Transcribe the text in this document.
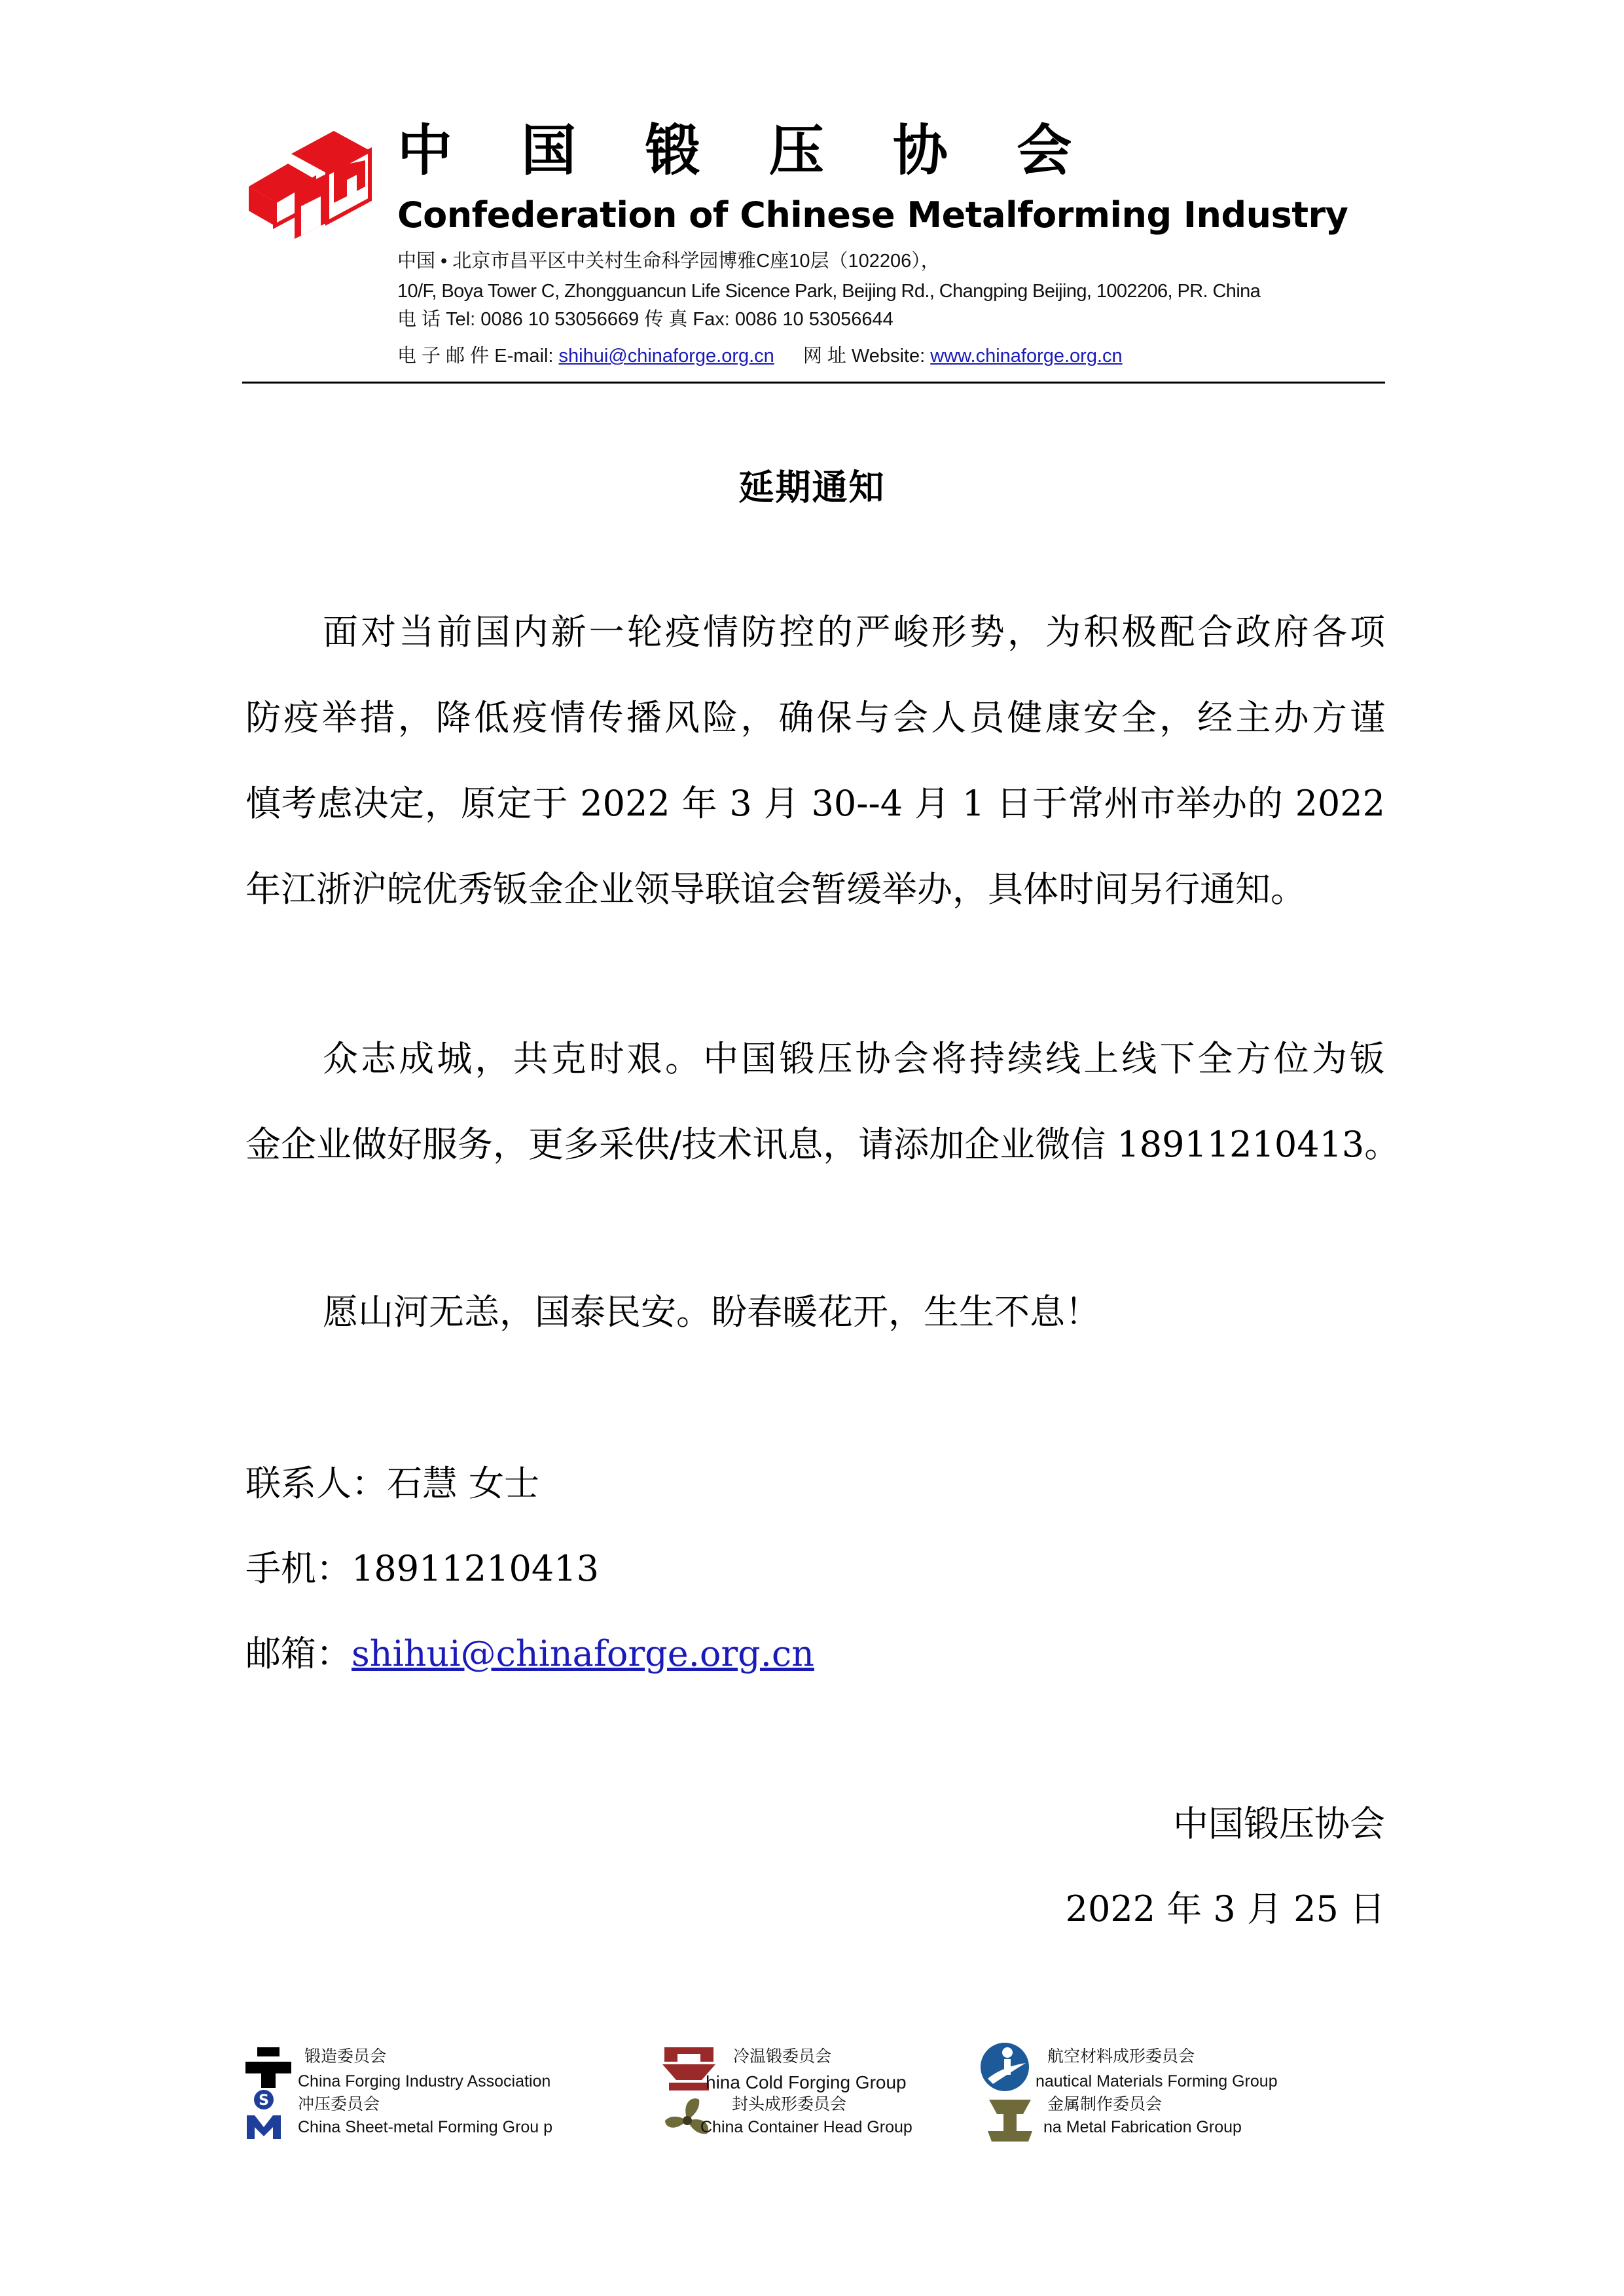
中 国 锻 压 协 会
Confederation of Chinese Metalforming Industry
中国 • 北京市昌平区中关村生命科学园博雅C座10层（102206），
10/F, Boya Tower C, Zhongguancun Life Sicence Park, Beijing Rd., Changping Beijing, 1002206, PR. China
电 话 Tel: 0086 10 53056669 传 真 Fax: 0086 10 53056644
电 子 邮 件 E-mail: shihui@chinaforge.org.cn 网 址 Website: www.chinaforge.org.cn
延期通知
面对当前国内新一轮疫情防控的严峻形势，为积极配合政府各项
防疫举措，降低疫情传播风险，确保与会人员健康安全，经主办方谨
慎考虑决定，原定于 2022 年 3 月 30--4 月 1 日于常州市举办的 2022
年江浙沪皖优秀钣金企业领导联谊会暂缓举办，具体时间另行通知。
众志成城，共克时艰。中国锻压协会将持续线上线下全方位为钣
金企业做好服务，更多采供/技术讯息，请添加企业微信 18911210413。
愿山河无恙，国泰民安。盼春暖花开，生生不息！
联系人：石慧 女士
手机：18911210413
邮箱：shihui@chinaforge.org.cn
中国锻压协会
2022 年 3 月 25 日
S
锻造委员会
China Forging Industry Association
冲压委员会
China Sheet-metal Forming Grou p
冷温锻委员会
hina Cold Forging Group
封头成形委员会
China Container Head Group
航空材料成形委员会
nautical Materials Forming Group
金属制作委员会
na Metal Fabrication Group
